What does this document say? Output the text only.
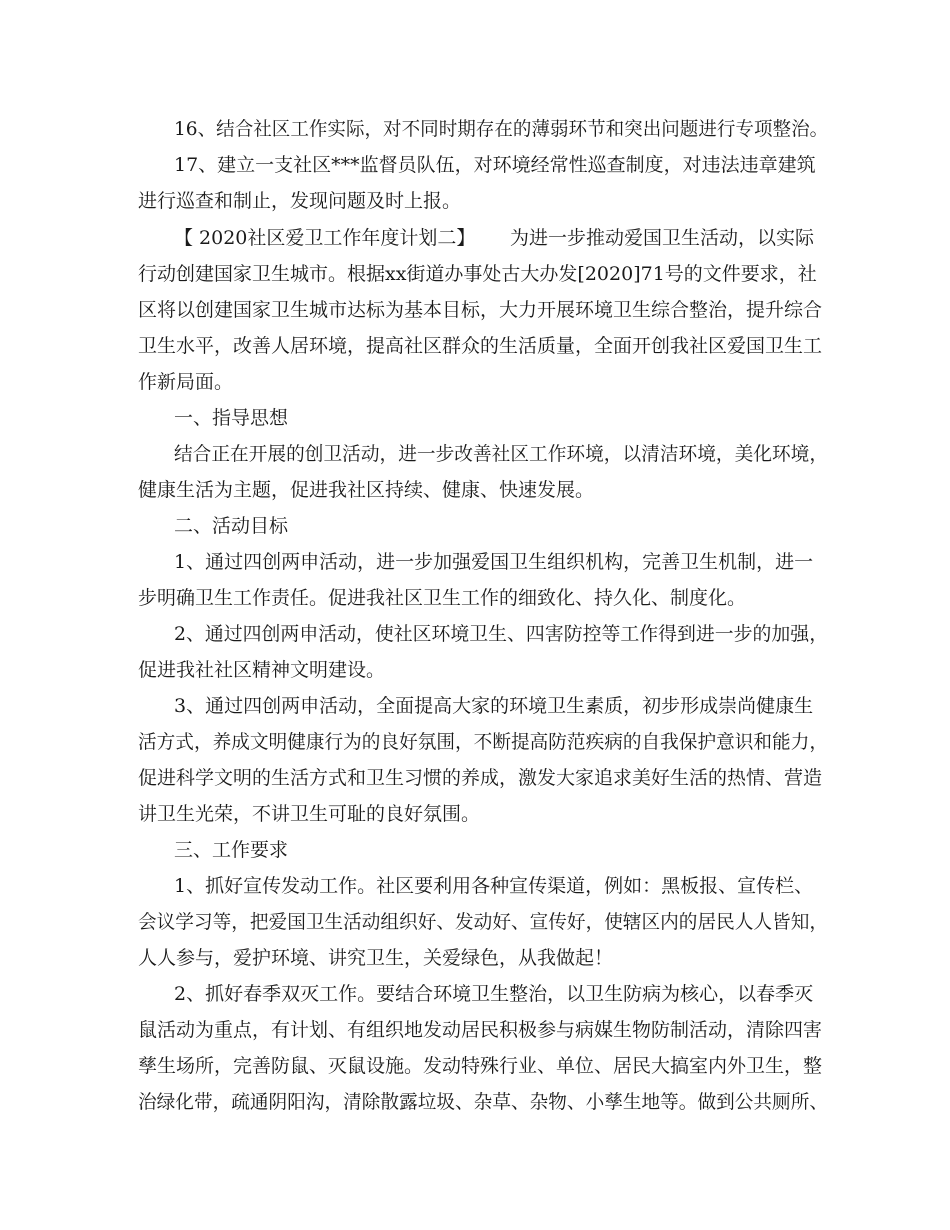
16、结合社区工作实际，对不同时期存在的薄弱环节和突出问题进行专项整治。
17、建立一支社区***监督员队伍，对环境经常性巡查制度，对违法违章建筑
进行巡查和制止，发现问题及时上报。
【 2020社区爱卫工作年度计划二】 为进一步推动爱国卫生活动，以实际
行动创建国家卫生城市。根据xx街道办事处古大办发[2020]71号的文件要求，社
区将以创建国家卫生城市达标为基本目标，大力开展环境卫生综合整治，提升综合
卫生水平，改善人居环境，提高社区群众的生活质量，全面开创我社区爱国卫生工
作新局面。
一、指导思想
结合正在开展的创卫活动，进一步改善社区工作环境，以清洁环境，美化环境，
健康生活为主题，促进我社区持续、健康、快速发展。
二、活动目标
1、通过四创两申活动，进一步加强爱国卫生组织机构，完善卫生机制，进一
步明确卫生工作责任。促进我社区卫生工作的细致化、持久化、制度化。
2、通过四创两申活动，使社区环境卫生、四害防控等工作得到进一步的加强，
促进我社社区精神文明建设。
3、通过四创两申活动，全面提高大家的环境卫生素质，初步形成崇尚健康生
活方式，养成文明健康行为的良好氛围，不断提高防范疾病的自我保护意识和能力，
促进科学文明的生活方式和卫生习惯的养成，激发大家追求美好生活的热情、营造
讲卫生光荣，不讲卫生可耻的良好氛围。
三、工作要求
1、抓好宣传发动工作。社区要利用各种宣传渠道，例如：黑板报、宣传栏、
会议学习等，把爱国卫生活动组织好、发动好、宣传好，使辖区内的居民人人皆知，
人人参与，爱护环境、讲究卫生，关爱绿色，从我做起！
2、抓好春季双灭工作。要结合环境卫生整治，以卫生防病为核心，以春季灭
鼠活动为重点，有计划、有组织地发动居民积极参与病媒生物防制活动，清除四害
孳生场所，完善防鼠、灭鼠设施。发动特殊行业、单位、居民大搞室内外卫生，整
治绿化带，疏通阴阳沟，清除散露垃圾、杂草、杂物、小孳生地等。做到公共厕所、
